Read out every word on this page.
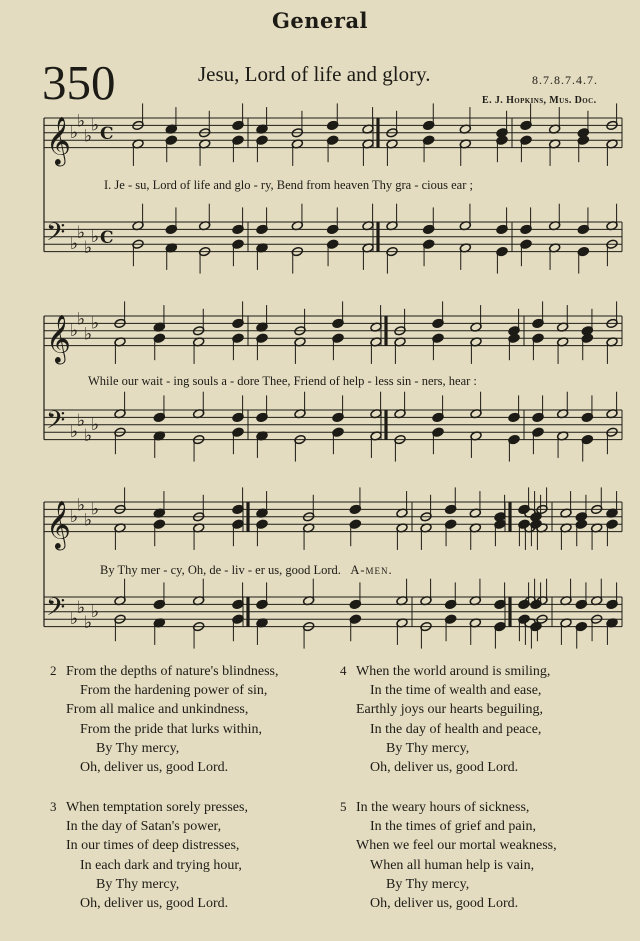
General
350	Jesu, Lord of life and glory.	8.7.8.7.4.7.
E. J. Hopkins, Mus. Doc.
𝄞
𝄢
♭
♭
♭
♭
♭
♭
♭
♭
C
C
𝄞
𝄢
♭
♭
♭
♭
♭
♭
♭
♭
𝄞
𝄢
♭
♭
♭
♭
♭
♭
♭
♭
I. Je - su, Lord of life and glo - ry, Bend from heaven Thy gra - cious ear ;
While our wait - ing souls a - dore Thee, Friend of help - less sin - ners, hear :
By Thy mer - cy, Oh, de - liv - er us, good Lord. A-men.
2 From the depths of nature's blindness,
From the hardening power of sin,
From all malice and unkindness,
From the pride that lurks within,
By Thy mercy,
Oh, deliver us, good Lord.
3 When temptation sorely presses,
In the day of Satan's power,
In our times of deep distresses,
In each dark and trying hour,
By Thy mercy,
Oh, deliver us, good Lord.
4 When the world around is smiling,
In the time of wealth and ease,
Earthly joys our hearts beguiling,
In the day of health and peace,
By Thy mercy,
Oh, deliver us, good Lord.
5 In the weary hours of sickness,
In the times of grief and pain,
When we feel our mortal weakness,
When all human help is vain,
By Thy mercy,
Oh, deliver us, good Lord.
